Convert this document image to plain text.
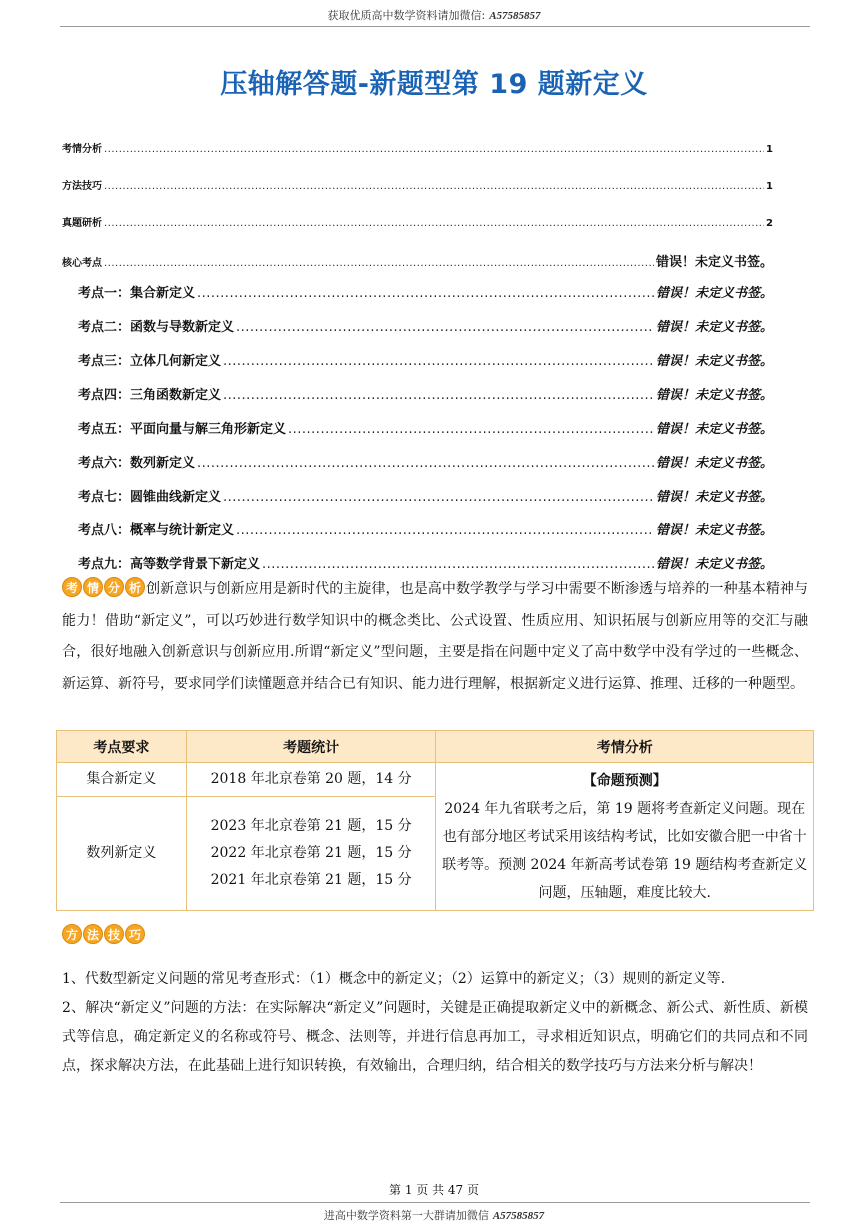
获取优质高中数学资料请加微信: A57585857
压轴解答题-新题型第 19 题新定义
考情分析 .....	1
方法技巧 .....	1
真题研析 .....	2
核心考点 .....	错误！未定义书签。
考点一：集合新定义 .....	错误！未定义书签。
考点二：函数与导数新定义 .....	错误！未定义书签。
考点三：立体几何新定义 .....	错误！未定义书签。
考点四：三角函数新定义 .....	错误！未定义书签。
考点五：平面向量与解三角形新定义 .....	错误！未定义书签。
考点六：数列新定义 .....	错误！未定义书签。
考点七：圆锥曲线新定义 .....	错误！未定义书签。
考点八：概率与统计新定义 .....	错误！未定义书签。
考点九：高等数学背景下新定义 .....	错误！未定义书签。
考 情 分 析 创新意识与创新应用是新时代的主旋律，也是高中数学教学与学习中需要不断渗透与培养的一种基本精神与能力！借助“新定义”，可以巧妙进行数学知识中的概念类比、公式设置、性质应用、知识拓展与创新应用等的交汇与融合，很好地融入创新意识与创新应用.所谓“新定义”型问题，主要是指在问题中定义了高中数学中没有学过的一些概念、新运算、新符号，要求同学们读懂题意并结合已有知识、能力进行理解，根据新定义进行运算、推理、迁移的一种题型。

考点要求	考题统计	考情分析
集合新定义	2018 年北京卷第 20 题，14 分	【命题预测】
2024 年九省联考之后，第 19 题将考查新定义问题。现在也有部分地区考试采用该结构考试，比如安徽合肥一中省十联考等。预测 2024 年新高考试卷第 19 题结构考查新定义问题，压轴题，难度比较大.

数列新定义	2023 年北京卷第 21 题，15 分
2022 年北京卷第 21 题，15 分
2021 年北京卷第 21 题，15 分	
方 法 技 巧

1、代数型新定义问题的常见考查形式：（1）概念中的新定义；（2）运算中的新定义；（3）规则的新定义等.

2、解决“新定义”问题的方法：在实际解决“新定义”问题时，关键是正确提取新定义中的新概念、新公式、新性质、新模式等信息，确定新定义的名称或符号、概念、法则等，并进行信息再加工，寻求相近知识点，明确它们的共同点和不同点，探求解决方法，在此基础上进行知识转换，有效输出，合理归纳，结合相关的数学技巧与方法来分析与解决！

第 1 页 共 47 页
进高中数学资料第一大群请加微信 A57585857
